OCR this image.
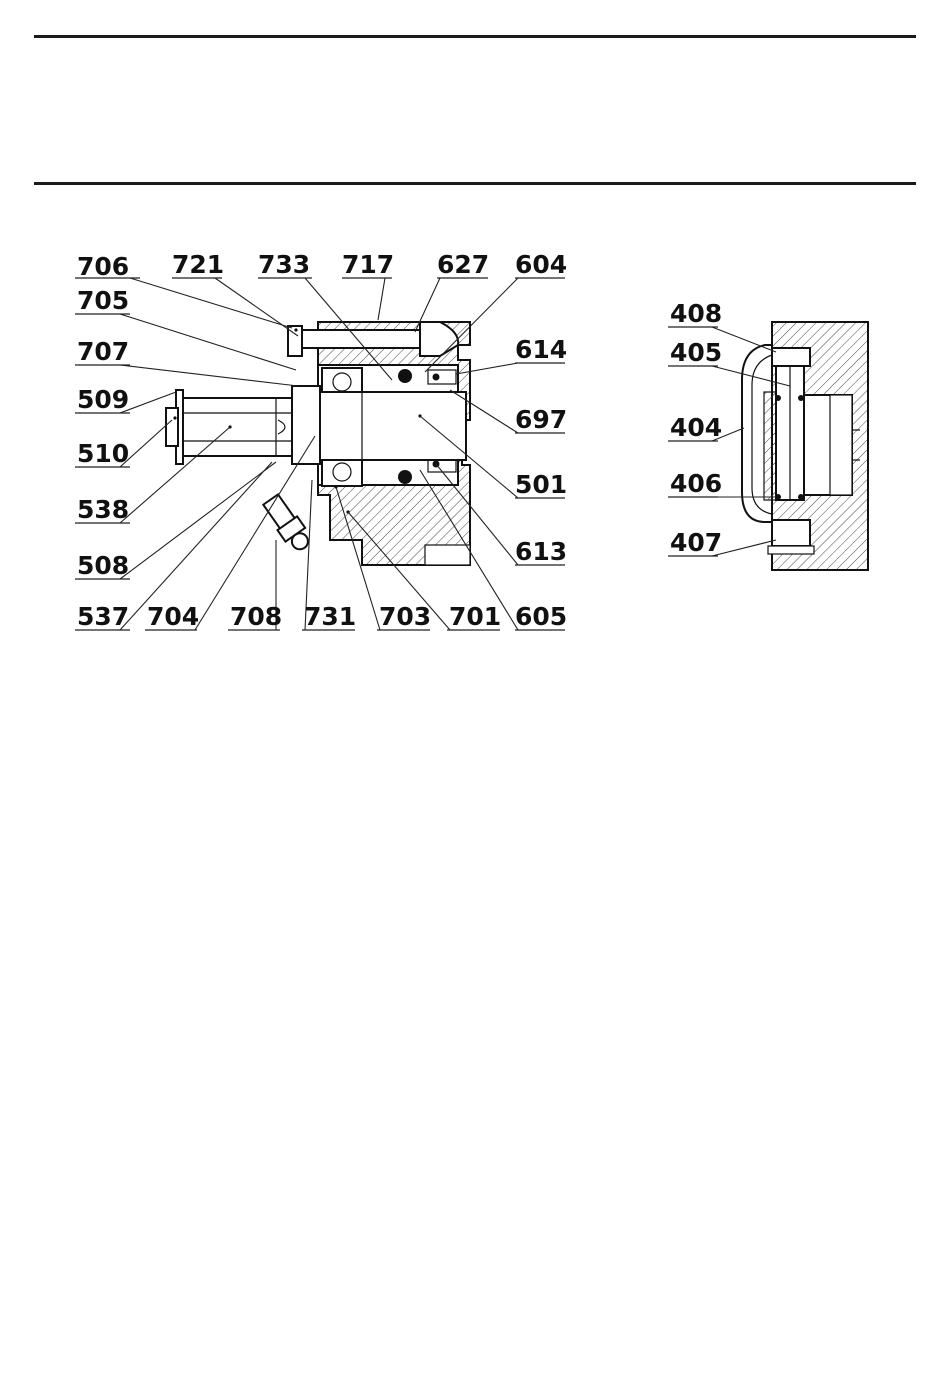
706 721 733 717 627 604
705
707
509
510
538
508
614
697
501
613
537 704 708 731 703 701 605
408
405
404
406
407
